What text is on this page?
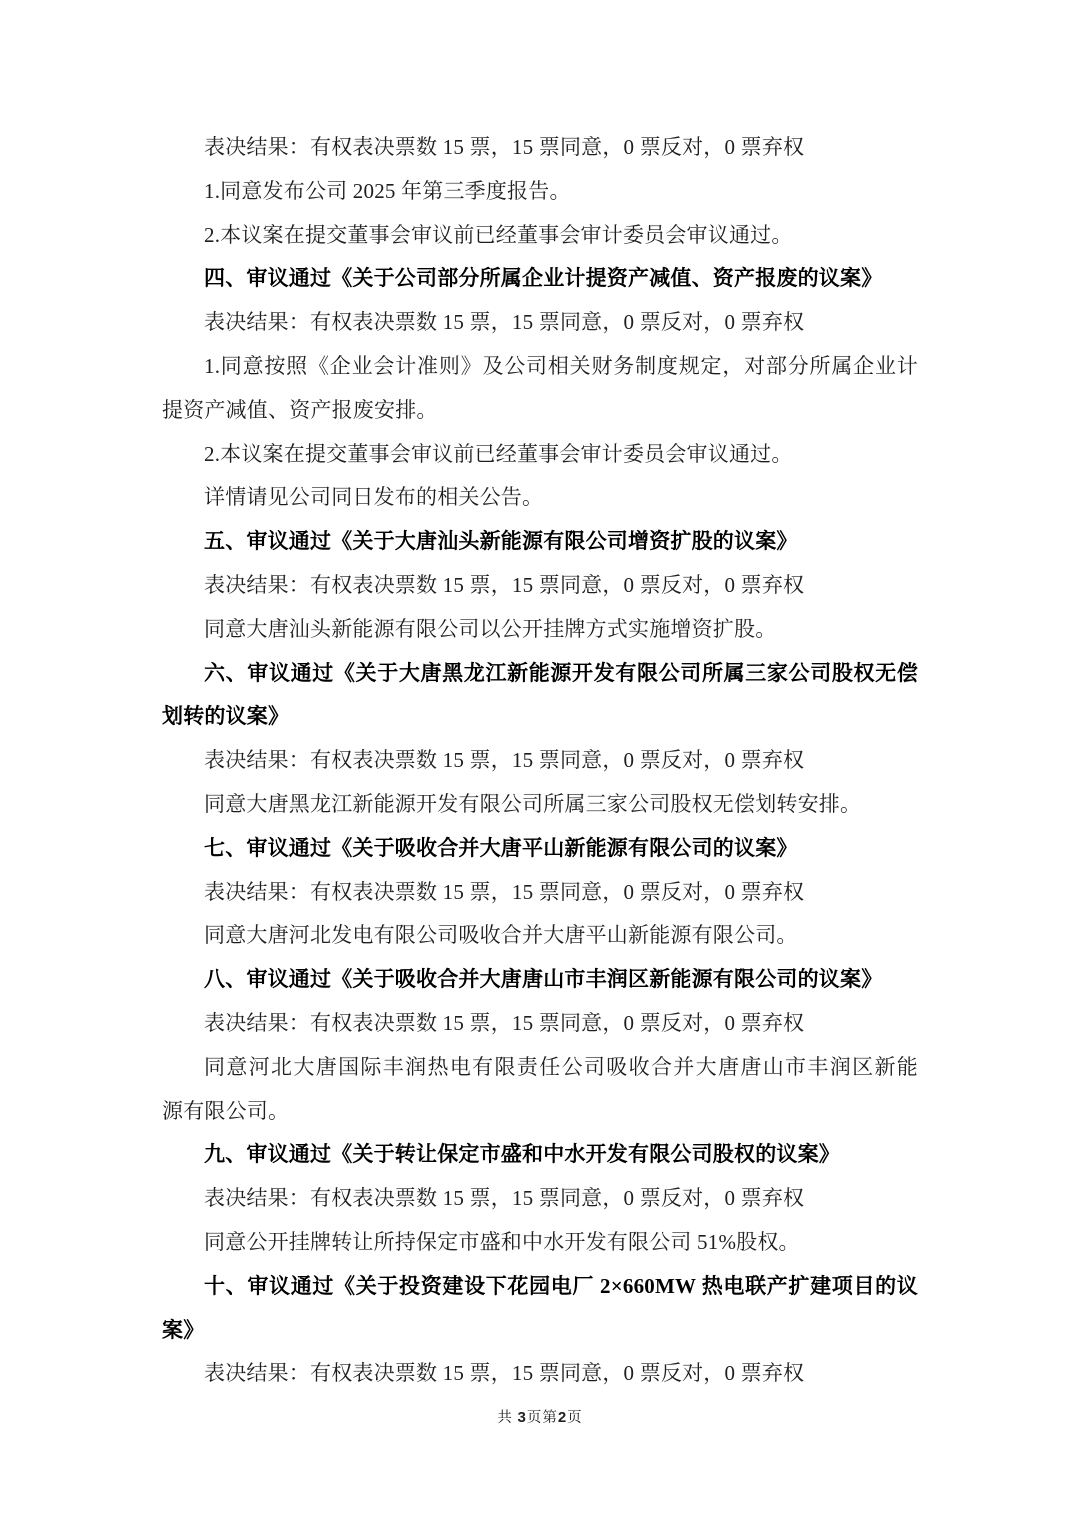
表决结果：有权表决票数 15 票，15 票同意，0 票反对，0 票弃权
1.同意发布公司 2025 年第三季度报告。
2.本议案在提交董事会审议前已经董事会审计委员会审议通过。
四、审议通过《关于公司部分所属企业计提资产减值、资产报废的议案》
表决结果：有权表决票数 15 票，15 票同意，0 票反对，0 票弃权
1.同意按照《企业会计准则》及公司相关财务制度规定，对部分所属企业计
提资产减值、资产报废安排。
2.本议案在提交董事会审议前已经董事会审计委员会审议通过。
详情请见公司同日发布的相关公告。
五、审议通过《关于大唐汕头新能源有限公司增资扩股的议案》
表决结果：有权表决票数 15 票，15 票同意，0 票反对，0 票弃权
同意大唐汕头新能源有限公司以公开挂牌方式实施增资扩股。
六、审议通过《关于大唐黑龙江新能源开发有限公司所属三家公司股权无偿
划转的议案》
表决结果：有权表决票数 15 票，15 票同意，0 票反对，0 票弃权
同意大唐黑龙江新能源开发有限公司所属三家公司股权无偿划转安排。
七、审议通过《关于吸收合并大唐平山新能源有限公司的议案》
表决结果：有权表决票数 15 票，15 票同意，0 票反对，0 票弃权
同意大唐河北发电有限公司吸收合并大唐平山新能源有限公司。
八、审议通过《关于吸收合并大唐唐山市丰润区新能源有限公司的议案》
表决结果：有权表决票数 15 票，15 票同意，0 票反对，0 票弃权
同意河北大唐国际丰润热电有限责任公司吸收合并大唐唐山市丰润区新能
源有限公司。
九、审议通过《关于转让保定市盛和中水开发有限公司股权的议案》
表决结果：有权表决票数 15 票，15 票同意，0 票反对，0 票弃权
同意公开挂牌转让所持保定市盛和中水开发有限公司 51%股权。
十、审议通过《关于投资建设下花园电厂 2×660MW 热电联产扩建项目的议
案》
表决结果：有权表决票数 15 票，15 票同意，0 票反对，0 票弃权
共 3页第2页
